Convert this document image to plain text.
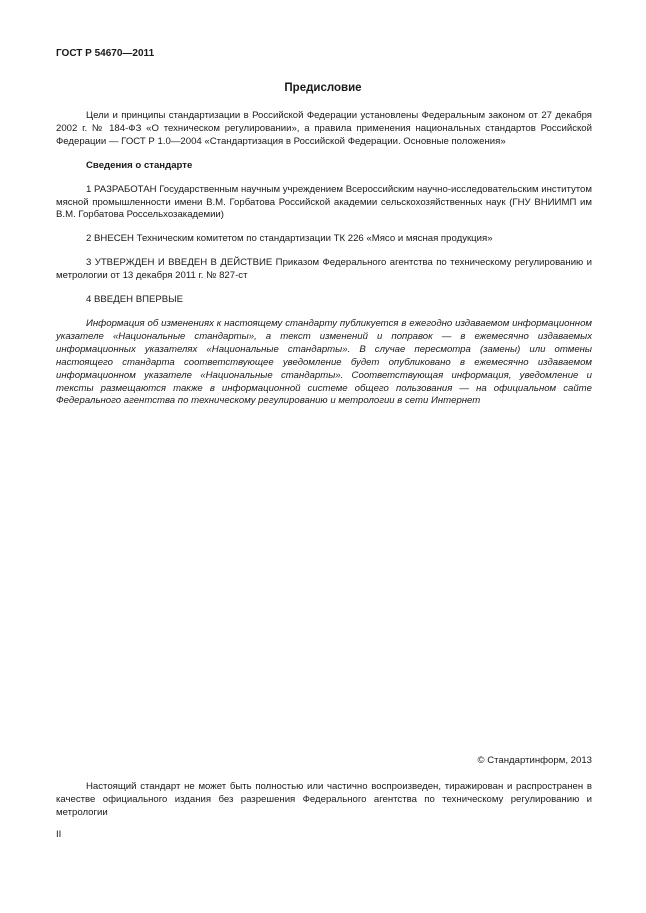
ГОСТ Р 54670—2011
Предисловие

Цели и принципы стандартизации в Российской Федерации установлены Федеральным законом от 27 декабря 2002 г. № 184-ФЗ «О техническом регулировании», а правила применения национальных стандартов Российской Федерации — ГОСТ Р 1.0—2004 «Стандартизация в Российской Федерации. Основные положения»

Сведения о стандарте

1 РАЗРАБОТАН Государственным научным учреждением Всероссийским научно-исследовательским институтом мясной промышленности имени В.М. Горбатова Российской академии сельскохозяйственных наук (ГНУ ВНИИМП им В.М. Горбатова Россельхозакадемии)

2 ВНЕСЕН Техническим комитетом по стандартизации ТК 226 «Мясо и мясная продукция»

3 УТВЕРЖДЕН И ВВЕДЕН В ДЕЙСТВИЕ Приказом Федерального агентства по техническому регулированию и метрологии от 13 декабря 2011 г. № 827-ст

4 ВВЕДЕН ВПЕРВЫЕ

Информация об изменениях к настоящему стандарту публикуется в ежегодно издаваемом информационном указателе «Национальные стандарты», а текст изменений и поправок — в ежемесячно издаваемых информационных указателях «Национальные стандарты». В случае пересмотра (замены) или отмены настоящего стандарта соответствующее уведомление будет опубликовано в ежемесячно издаваемом информационном указателе «Национальные стандарты». Соответствующая информация, уведомление и тексты размещаются также в информационной системе общего пользования — на официальном сайте Федерального агентства по техническому регулированию и метрологии в сети Интернет

© Стандартинформ, 2013

Настоящий стандарт не может быть полностью или частично воспроизведен, тиражирован и распространен в качестве официального издания без разрешения Федерального агентства по техническому регулированию и метрологии

II
